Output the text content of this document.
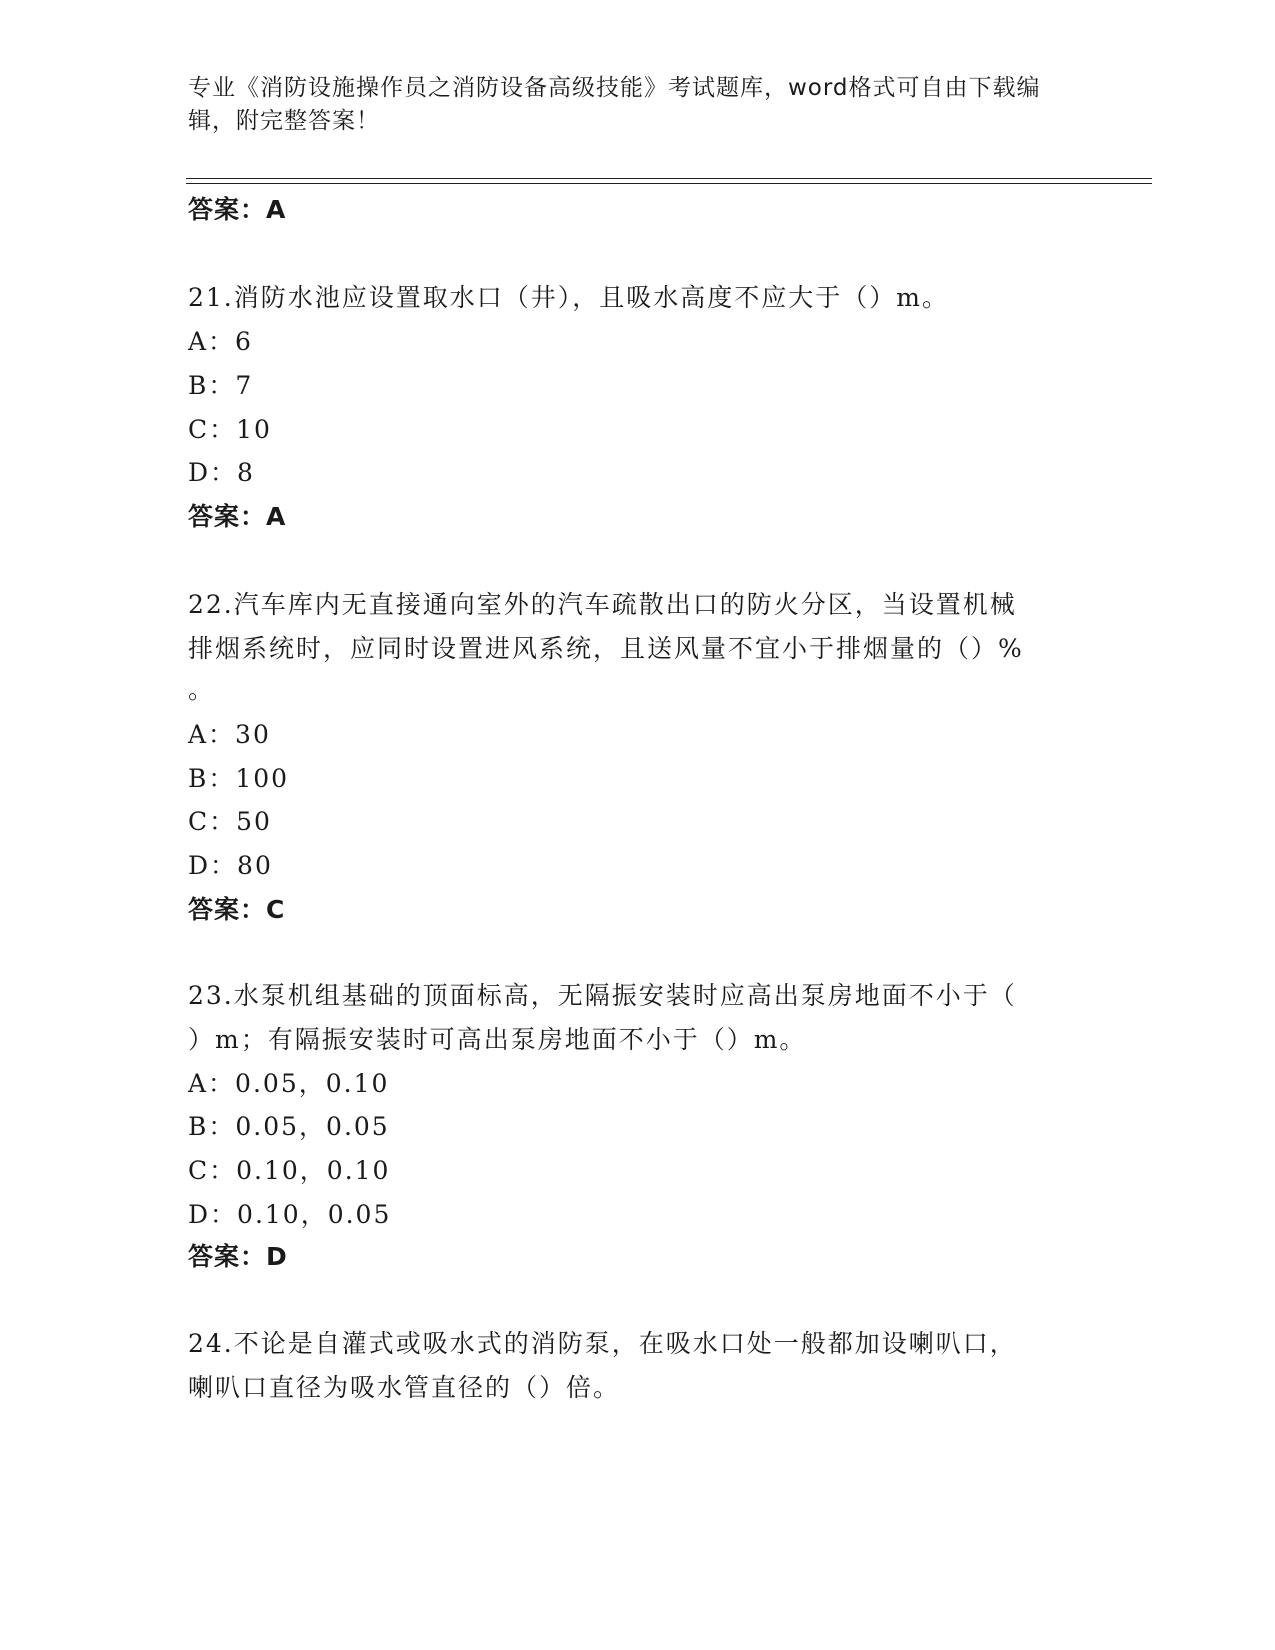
专业《消防设施操作员之消防设备高级技能》考试题库，word格式可自由下载编
辑，附完整答案！
答案：A
21.消防水池应设置取水口（井），且吸水高度不应大于（）m。
A：6
B：7
C：10
D：8
答案：A
22.汽车库内无直接通向室外的汽车疏散出口的防火分区，当设置机械
排烟系统时，应同时设置进风系统，且送风量不宜小于排烟量的（）%
。
A：30
B：100
C：50
D：80
答案：C
23.水泵机组基础的顶面标高，无隔振安装时应高出泵房地面不小于（
）m；有隔振安装时可高出泵房地面不小于（）m。
A：0.05，0.10
B：0.05，0.05
C：0.10，0.10
D：0.10，0.05
答案：D
24.不论是自灌式或吸水式的消防泵，在吸水口处一般都加设喇叭口，
喇叭口直径为吸水管直径的（）倍。
